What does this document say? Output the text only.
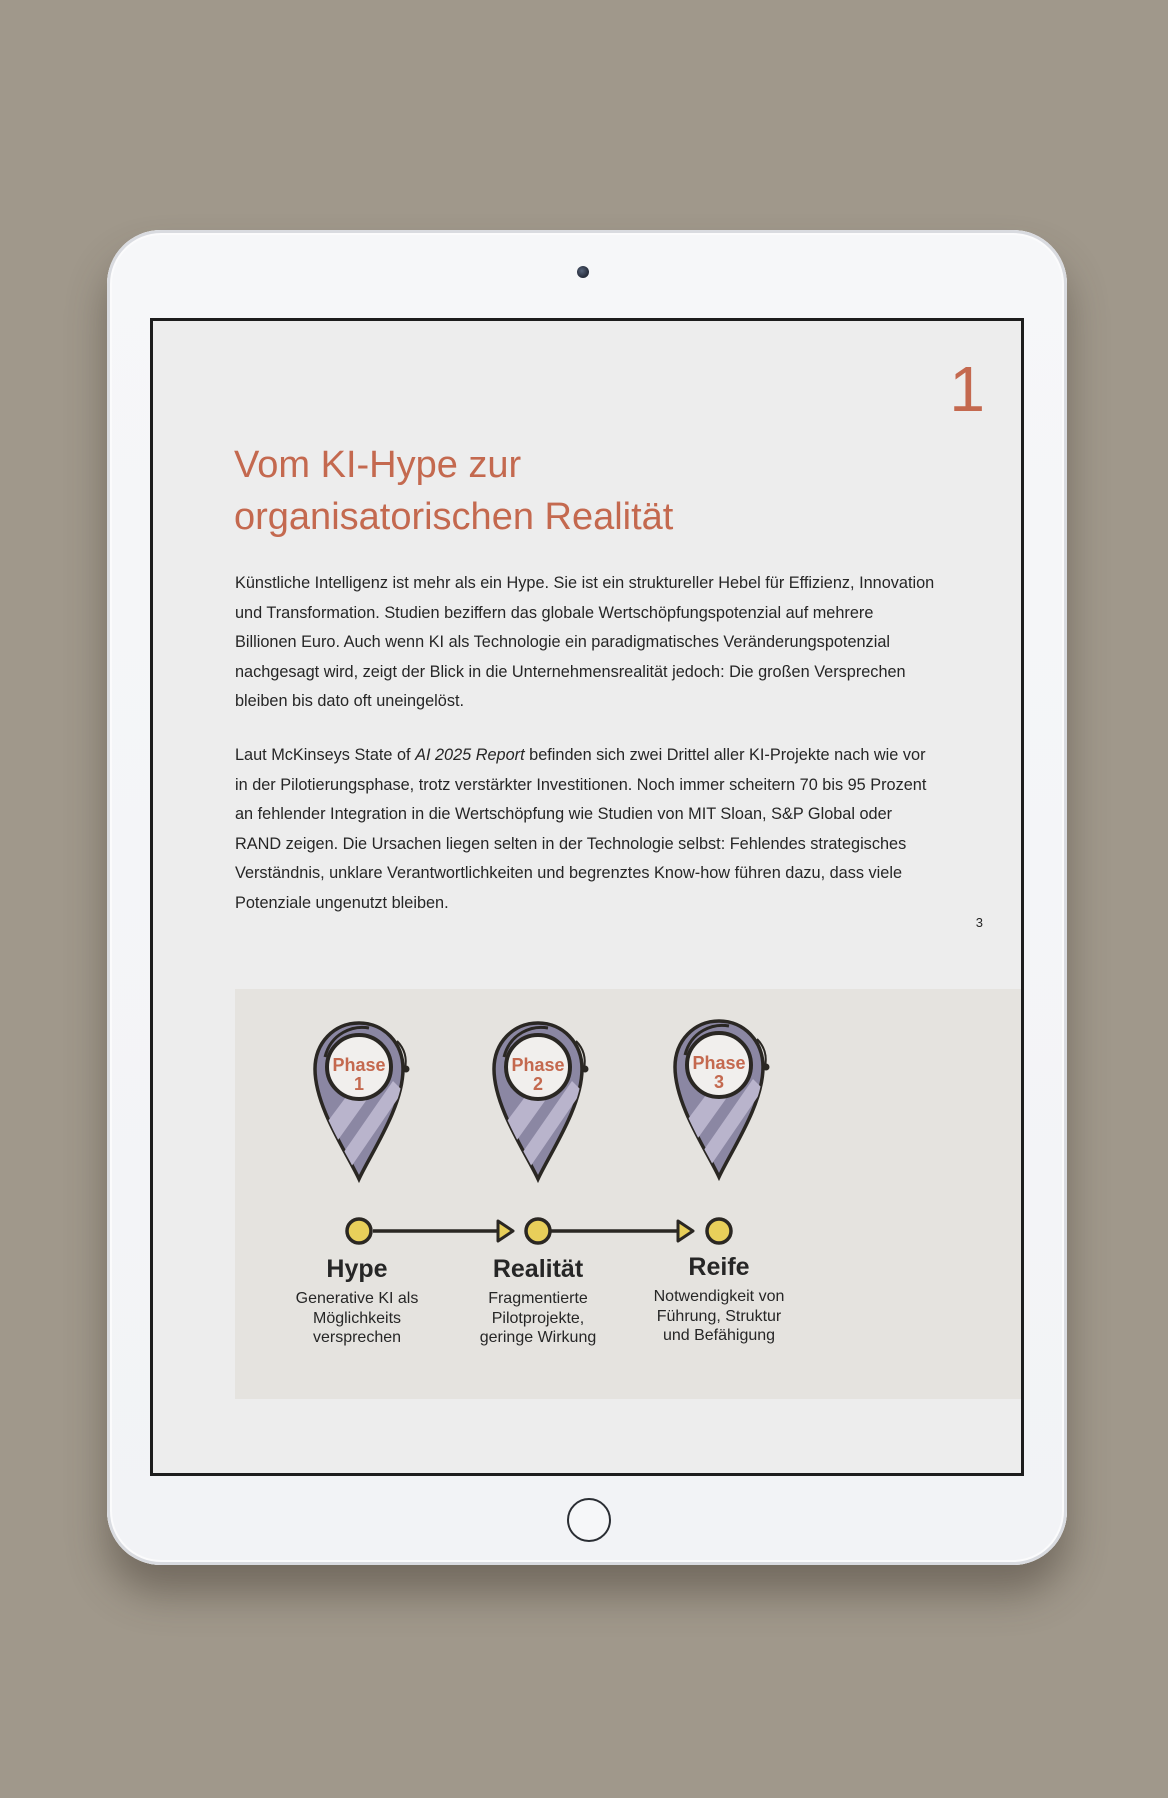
1
Vom KI-Hype zur
organisatorischen Realität

Künstliche Intelligenz ist mehr als ein Hype. Sie ist ein struktureller Hebel für Effizienz, Innovation und Transformation. Studien beziffern das globale Wertschöpfungspotenzial auf mehrere Billionen Euro. Auch wenn KI als Technologie ein paradigmatisches Veränderungspotenzial nachgesagt wird, zeigt der Blick in die Unternehmensrealität jedoch: Die großen Versprechen bleiben bis dato oft uneingelöst.

Laut McKinseys State of AI 2025 Report befinden sich zwei Drittel aller KI-Projekte nach wie vor in der Pilotierungsphase, trotz verstärkter Investitionen. Noch immer scheitern 70 bis 95 Prozent an fehlender Integration in die Wertschöpfung wie Studien von MIT Sloan, S&P Global oder RAND zeigen. Die Ursachen liegen selten in der Technologie selbst: Fehlendes strategisches Verständnis, unklare Verantwortlichkeiten und begrenztes Know-how führen dazu, dass viele Potenziale ungenutzt bleiben.

3
Phase
1
Phase
2
Phase
3
Hype

Generative KI als
Möglichkeits
versprechen

Realität

Fragmentierte
Pilotprojekte,
geringe Wirkung

Reife

Notwendigkeit von
Führung, Struktur
und Befähigung
